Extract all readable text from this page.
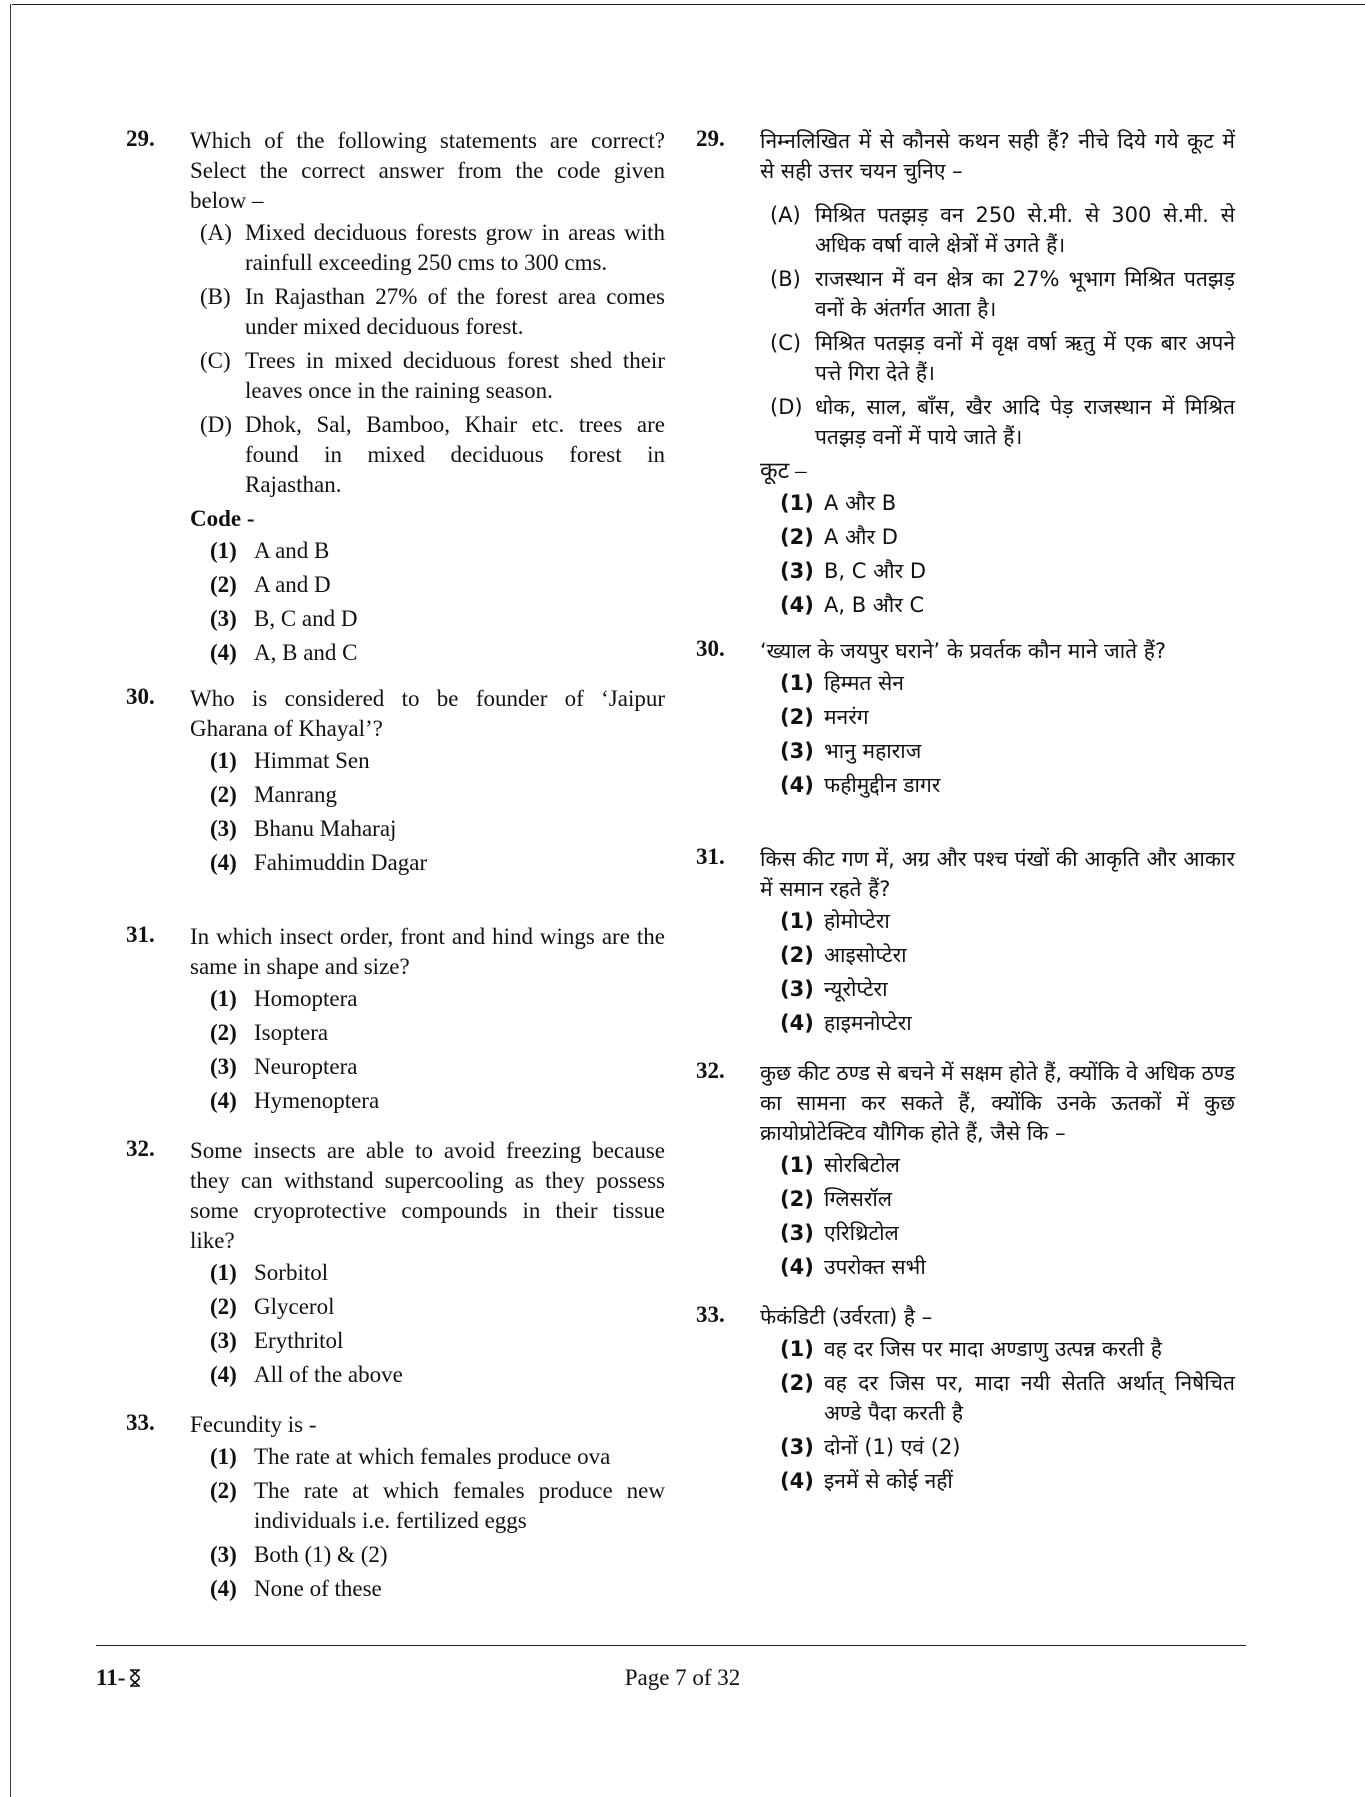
29. Which of the following statements are correct? Select the correct answer from the code given below –
(A) Mixed deciduous forests grow in areas with rainfull exceeding 250 cms to 300 cms.
(B) In Rajasthan 27% of the forest area comes under mixed deciduous forest.
(C) Trees in mixed deciduous forest shed their leaves once in the raining season.
(D) Dhok, Sal, Bamboo, Khair etc. trees are found in mixed deciduous forest in Rajasthan.
Code -
(1) A and B
(2) A and D
(3) B, C and D
(4) A, B and C
30. Who is considered to be founder of ‘Jaipur Gharana of Khayal’?
(1) Himmat Sen
(2) Manrang
(3) Bhanu Maharaj
(4) Fahimuddin Dagar
31. In which insect order, front and hind wings are the same in shape and size?
(1) Homoptera
(2) Isoptera
(3) Neuroptera
(4) Hymenoptera
32. Some insects are able to avoid freezing because they can withstand supercooling as they possess some cryoprotective compounds in their tissue like?
(1) Sorbitol
(2) Glycerol
(3) Erythritol
(4) All of the above
33. Fecundity is -
(1) The rate at which females produce ova
(2) The rate at which females produce new individuals i.e. fertilized eggs
(3) Both (1) & (2)
(4) None of these
29. निम्नलिखित में से कौनसे कथन सही हैं? नीचे दिये गये कूट में से सही उत्तर चयन चुनिए –
(A) मिश्रित पतझड़ वन 250 से.मी. से 300 से.मी. से अधिक वर्षा वाले क्षेत्रों में उगते हैं।
(B) राजस्थान में वन क्षेत्र का 27% भूभाग मिश्रित पतझड़ वनों के अंतर्गत आता है।
(C) मिश्रित पतझड़ वनों में वृक्ष वर्षा ऋतु में एक बार अपने पत्ते गिरा देते हैं।
(D) धोक, साल, बाँस, खैर आदि पेड़ राजस्थान में मिश्रित पतझड़ वनों में पाये जाते हैं।
कूट –
(1) A और B
(2) A और D
(3) B, C और D
(4) A, B और C
30. ‘ख्याल के जयपुर घराने’ के प्रवर्तक कौन माने जाते हैं?
(1) हिम्मत सेन
(2) मनरंग
(3) भानु महाराज
(4) फहीमुद्दीन डागर
31. किस कीट गण में, अग्र और पश्च पंखों की आकृति और आकार में समान रहते हैं?
(1) होमोप्टेरा
(2) आइसोप्टेरा
(3) न्यूरोप्टेरा
(4) हाइमनोप्टेरा
32. कुछ कीट ठण्ड से बचने में सक्षम होते हैं, क्योंकि वे अधिक ठण्ड का सामना कर सकते हैं, क्योंकि उनके ऊतकों में कुछ क्रायोप्रोटेक्टिव यौगिक होते हैं, जैसे कि –
(1) सोरबिटोल
(2) ग्लिसरॉल
(3) एरिथ्रिटोल
(4) उपरोक्त सभी
33. फेकंडिटी (उर्वरता) है –
(1) वह दर जिस पर मादा अण्डाणु उत्पन्न करती है
(2) वह दर जिस पर, मादा नयी सेतति अर्थात् निषेचित अण्डे पैदा करती है
(3) दोनों (1) एवं (2)
(4) इनमें से कोई नहीं
11-	Page 7 of 32
